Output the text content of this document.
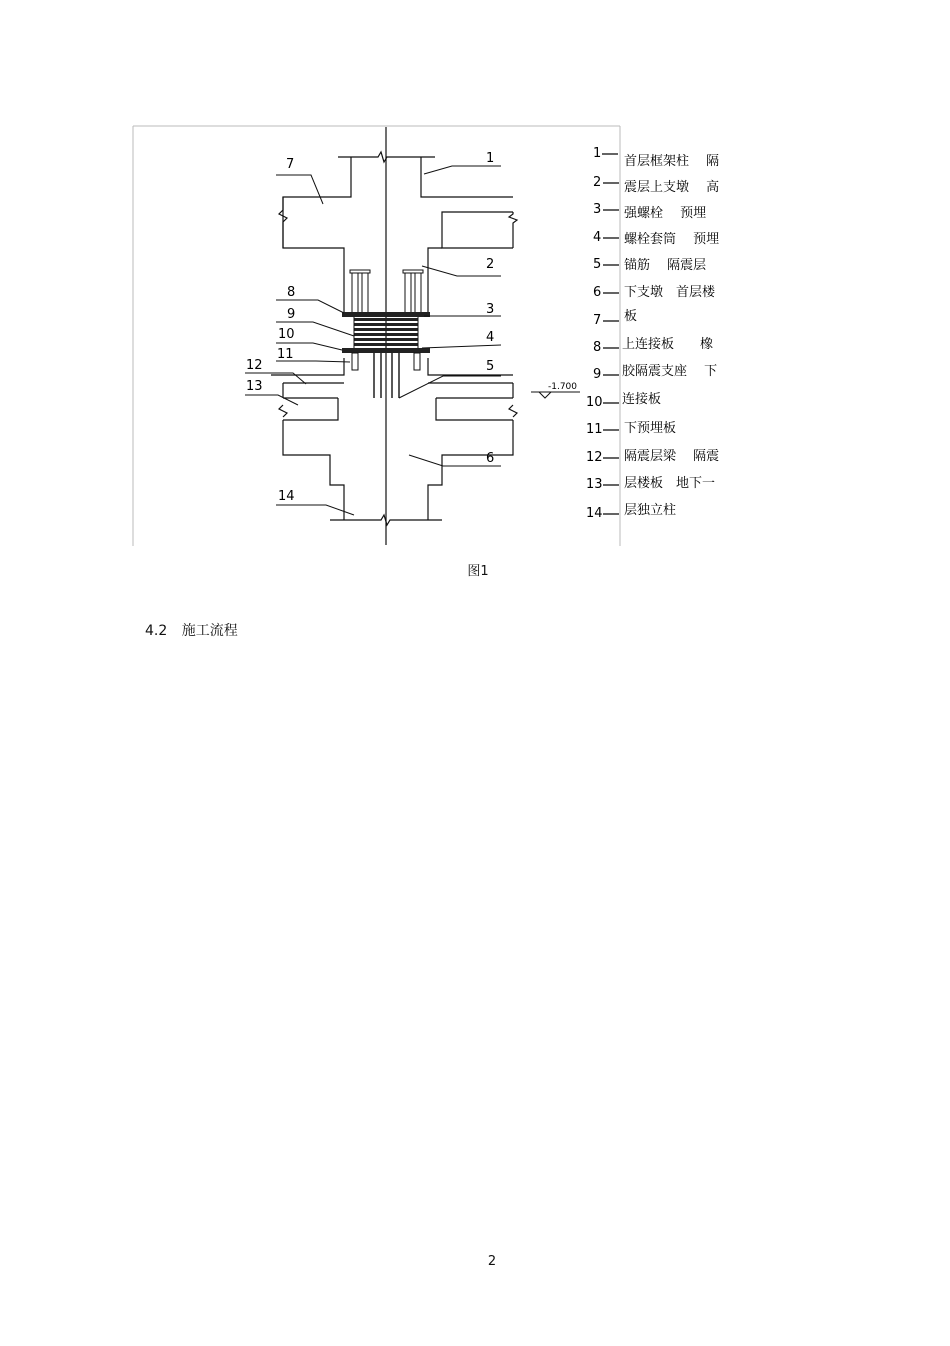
-1.700
7	1
2
8
3
9
10	4
11
12	5
13
6
14
1
首层框架柱　 隔
2 震层上支墩　 高
3 强螺栓　 预埋
4 螺栓套筒　 预埋
5 锚筋　 隔震层
6 下支墩　首层楼
7 板
8 上连接板　　橡
9 胶隔震支座　 下
10 连接板
11 下预埋板
12 隔震层梁　 隔震
13 层楼板　地下一
14 层独立柱
图1
4.2 施工流程
2
